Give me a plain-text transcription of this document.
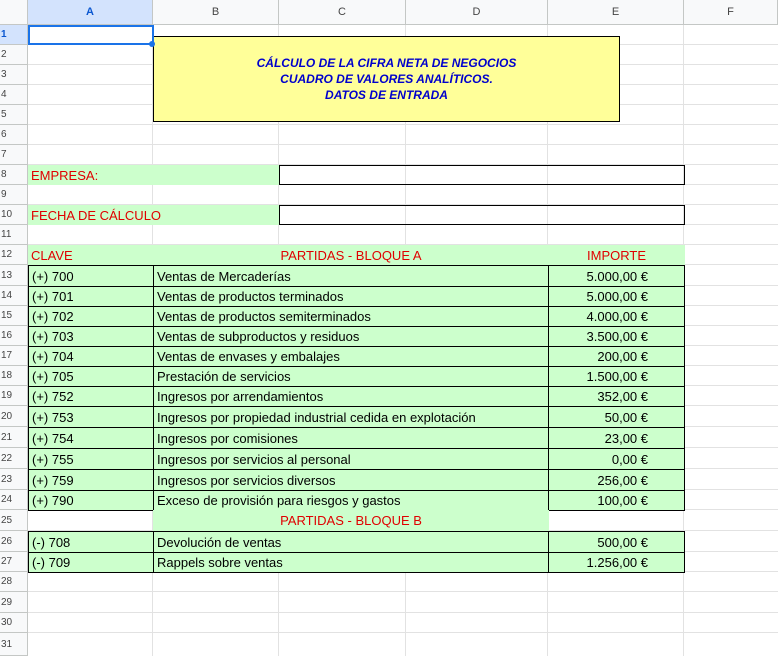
A	B	C	D	E	F
1
2
3
4
5
6
7
8
9
10
11
12
13
14
15
16
17
18
19
20
21
22
23
24
25
26
27
28
29
30
31
CÁLCULO DE LA CIFRA NETA DE NEGOCIOS
CUADRO DE VALORES ANALÍTICOS.
DATOS DE ENTRADA
EMPRESA:
FECHA DE CÁLCULO
CLAVE	PARTIDAS - BLOQUE A	IMPORTE
(+) 700	Ventas de Mercaderías	5.000,00 €
(+) 701	Ventas de productos terminados	5.000,00 €
(+) 702	Ventas de productos semiterminados	4.000,00 €
(+) 703	Ventas de subproductos y residuos	3.500,00 €
(+) 704	Ventas de envases y embalajes	200,00 €
(+) 705	Prestación de servicios	1.500,00 €
(+) 752	Ingresos por arrendamientos	352,00 €
(+) 753	Ingresos por propiedad industrial cedida en explotación	50,00 €
(+) 754	Ingresos por comisiones	23,00 €
(+) 755	Ingresos por servicios al personal	0,00 €
(+) 759	Ingresos por servicios diversos	256,00 €
(+) 790	Exceso de provisión para riesgos y gastos	100,00 €
PARTIDAS - BLOQUE B
(-) 708	Devolución de ventas	500,00 €
(-) 709	Rappels sobre ventas	1.256,00 €
